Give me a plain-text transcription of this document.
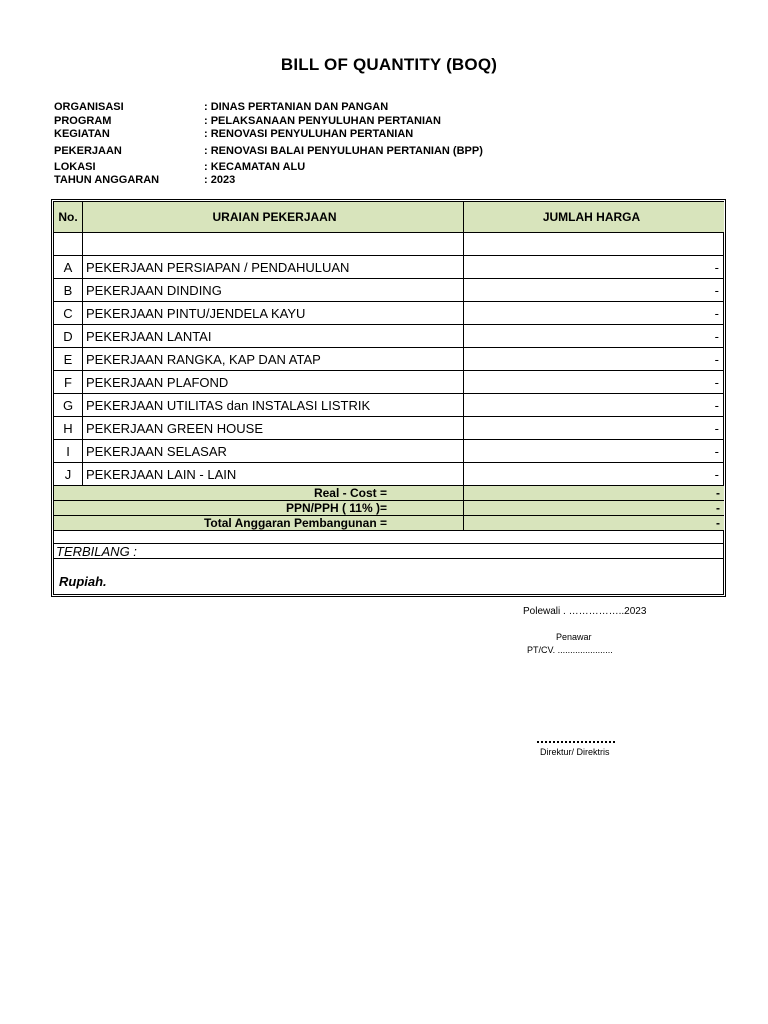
BILL OF QUANTITY (BOQ)
ORGANISASI	: DINAS PERTANIAN DAN PANGAN
PROGRAM	: PELAKSANAAN PENYULUHAN PERTANIAN
KEGIATAN	: RENOVASI PENYULUHAN PERTANIAN
PEKERJAAN	: RENOVASI BALAI PENYULUHAN PERTANIAN (BPP)
LOKASI	: KECAMATAN ALU
TAHUN ANGGARAN	: 2023
No.	URAIAN PEKERJAAN	JUMLAH HARGA
A	PEKERJAAN PERSIAPAN / PENDAHULUAN	-
B	PEKERJAAN DINDING	-
C	PEKERJAAN PINTU/JENDELA KAYU	-
D	PEKERJAAN LANTAI	-
E	PEKERJAAN RANGKA, KAP DAN ATAP	-
F	PEKERJAAN PLAFOND	-
G PEKERJAAN UTILITAS dan INSTALASI LISTRIK	-
H	PEKERJAAN GREEN HOUSE	-
I	PEKERJAAN SELASAR	-
J	PEKERJAAN LAIN - LAIN	-
Real - Cost =	-
PPN/PPH ( 11% )=	-
Total Anggaran Pembangunan =	-
TERBILANG :
Rupiah.
Polewali . ……………..2023
Penawar
PT/CV. ......................
Direktur/ Direktris
